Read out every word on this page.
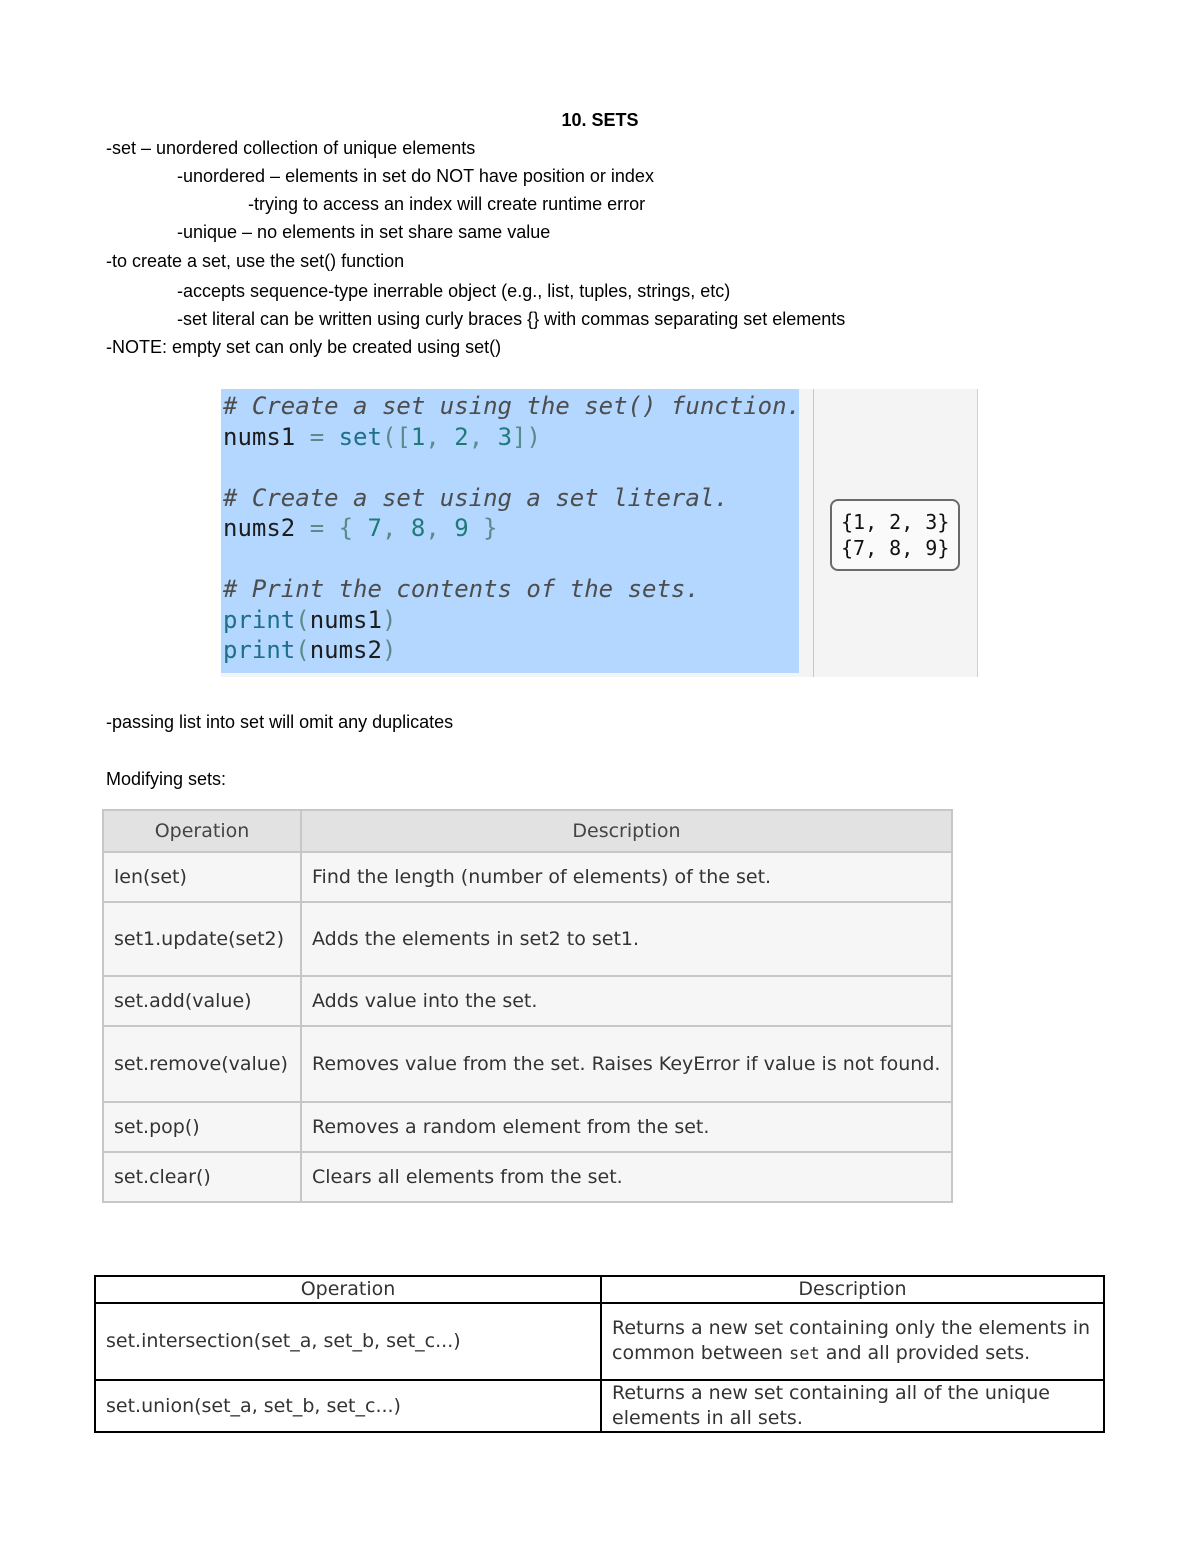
10. SETS
-set – unordered collection of unique elements
-unordered – elements in set do NOT have position or index
-trying to access an index will create runtime error
-unique – no elements in set share same value
-to create a set, use the set() function
-accepts sequence-type inerrable object (e.g., list, tuples, strings, etc)
-set literal can be written using curly braces {} with commas separating set elements
-NOTE: empty set can only be created using set()
# Create a set using the set() function.
nums1 = set([1, 2, 3])

# Create a set using a set literal.
nums2 = { 7, 8, 9 }

# Print the contents of the sets.
print(nums1)
print(nums2)
{1, 2, 3}
{7, 8, 9}
-passing list into set will omit any duplicates
Modifying sets:
Operation	Description
len(set)	Find the length (number of elements) of the set.
set1.update(set2)	Adds the elements in set2 to set1.
set.add(value)	Adds value into the set.
set.remove(value)	Removes value from the set. Raises KeyError if value is not found.
set.pop()	Removes a random element from the set.
set.clear()	Clears all elements from the set.
Operation	Description
set.intersection(set_a, set_b, set_c...)	Returns a new set containing only the elements in common between set and all provided sets.
set.union(set_a, set_b, set_c...)	Returns a new set containing all of the unique elements in all sets.
